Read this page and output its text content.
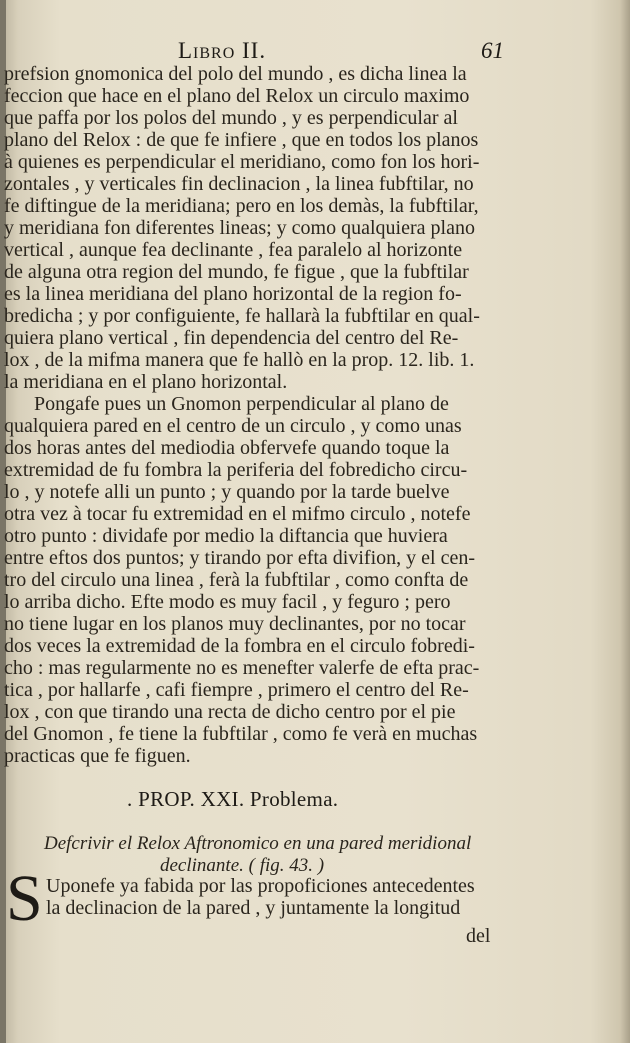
Libro II.	61
prefsion gnomonica del polo del mundo , es dicha linea la
feccion que hace en el plano del Relox un circulo maximo
que paffa por los polos del mundo , y es perpendicular al
plano del Relox : de que fe infiere , que en todos los planos
à quienes es perpendicular el meridiano, como fon los hori-
zontales , y verticales fin declinacion , la linea fubftilar, no
fe diftingue de la meridiana; pero en los demàs, la fubftilar,
y meridiana fon diferentes lineas; y como qualquiera plano
vertical , aunque fea declinante , fea paralelo al horizonte
de alguna otra region del mundo, fe figue , que la fubftilar
es la linea meridiana del plano horizontal de la region fo-
bredicha ; y por configuiente, fe hallarà la fubftilar en qual-
quiera plano vertical , fin dependencia del centro del Re-
lox , de la mifma manera que fe hallò en la prop. 12. lib. 1.
la meridiana en el plano horizontal.
Pongafe pues un Gnomon perpendicular al plano de
qualquiera pared en el centro de un circulo , y como unas
dos horas antes del mediodia obfervefe quando toque la
extremidad de fu fombra la periferia del fobredicho circu-
lo , y notefe alli un punto ; y quando por la tarde buelve
otra vez à tocar fu extremidad en el mifmo circulo , notefe
otro punto : dividafe por medio la diftancia que huviera
entre eftos dos puntos; y tirando por efta divifion, y el cen-
tro del circulo una linea , ferà la fubftilar , como confta de
lo arriba dicho. Efte modo es muy facil , y feguro ; pero
no tiene lugar en los planos muy declinantes, por no tocar
dos veces la extremidad de la fombra en el circulo fobredi-
cho : mas regularmente no es menefter valerfe de efta prac-
tica , por hallarfe , cafi fiempre , primero el centro del Re-
lox , con que tirando una recta de dicho centro por el pie
del Gnomon , fe tiene la fubftilar , como fe verà en muchas
practicas que fe figuen.
. PROP. XXI. Problema.
Defcrivir el Relox Aftronomico en una pared meridional
declinante. ( fig. 43. )
S Uponefe ya fabida por las propoficiones antecedentes
la declinacion de la pared , y juntamente la longitud
del
